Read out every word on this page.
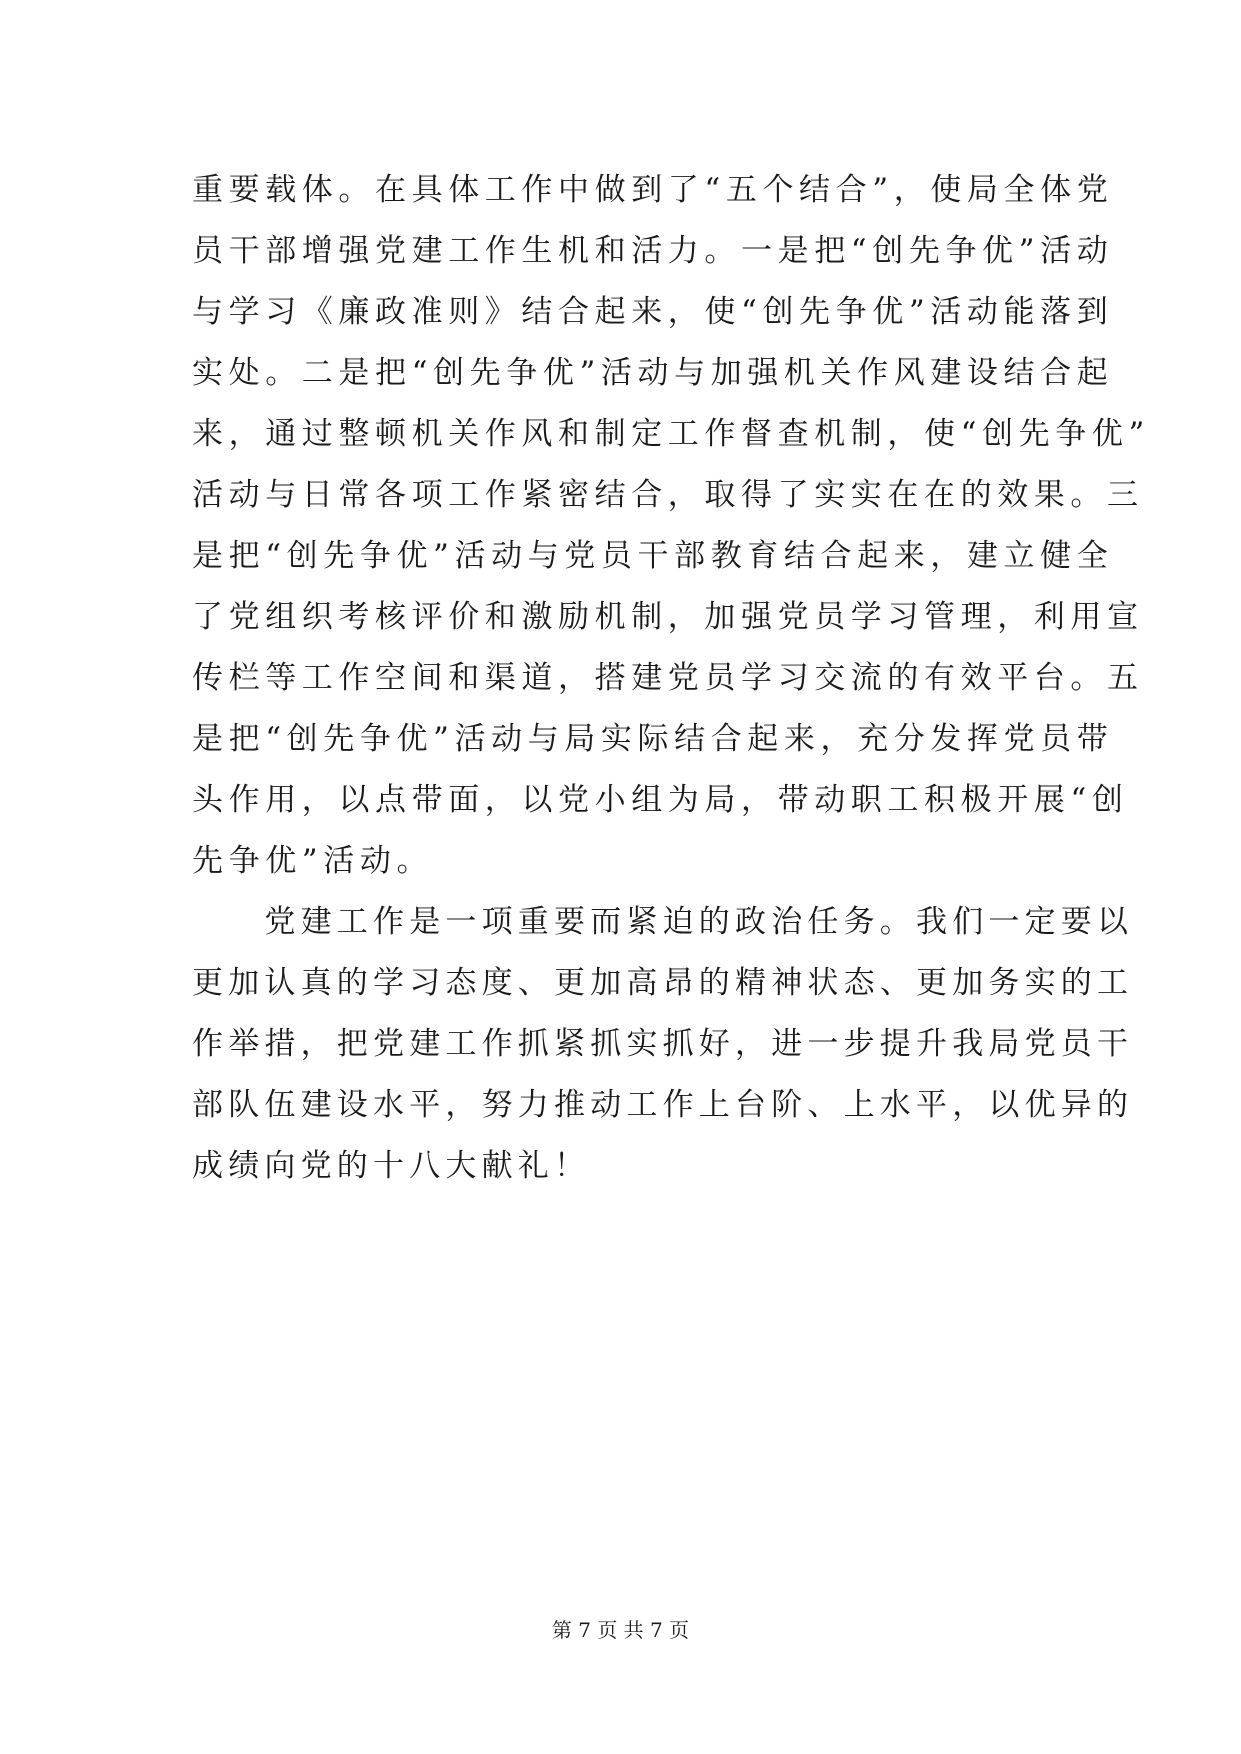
重要载体。在具体工作中做到了“五个结合”，使局全体党
员干部增强党建工作生机和活力。一是把“创先争优”活动
与学习《廉政准则》结合起来，使“创先争优”活动能落到
实处。二是把“创先争优”活动与加强机关作风建设结合起
来，通过整顿机关作风和制定工作督查机制，使“创先争优”
活动与日常各项工作紧密结合，取得了实实在在的效果。三
是把“创先争优”活动与党员干部教育结合起来，建立健全
了党组织考核评价和激励机制，加强党员学习管理，利用宣
传栏等工作空间和渠道，搭建党员学习交流的有效平台。五
是把“创先争优”活动与局实际结合起来，充分发挥党员带
头作用，以点带面，以党小组为局，带动职工积极开展“创
先争优”活动。

　　党建工作是一项重要而紧迫的政治任务。我们一定要以
更加认真的学习态度、更加高昂的精神状态、更加务实的工
作举措，把党建工作抓紧抓实抓好，进一步提升我局党员干
部队伍建设水平，努力推动工作上台阶、上水平，以优异的
成绩向党的十八大献礼！

第 7 页 共 7 页
